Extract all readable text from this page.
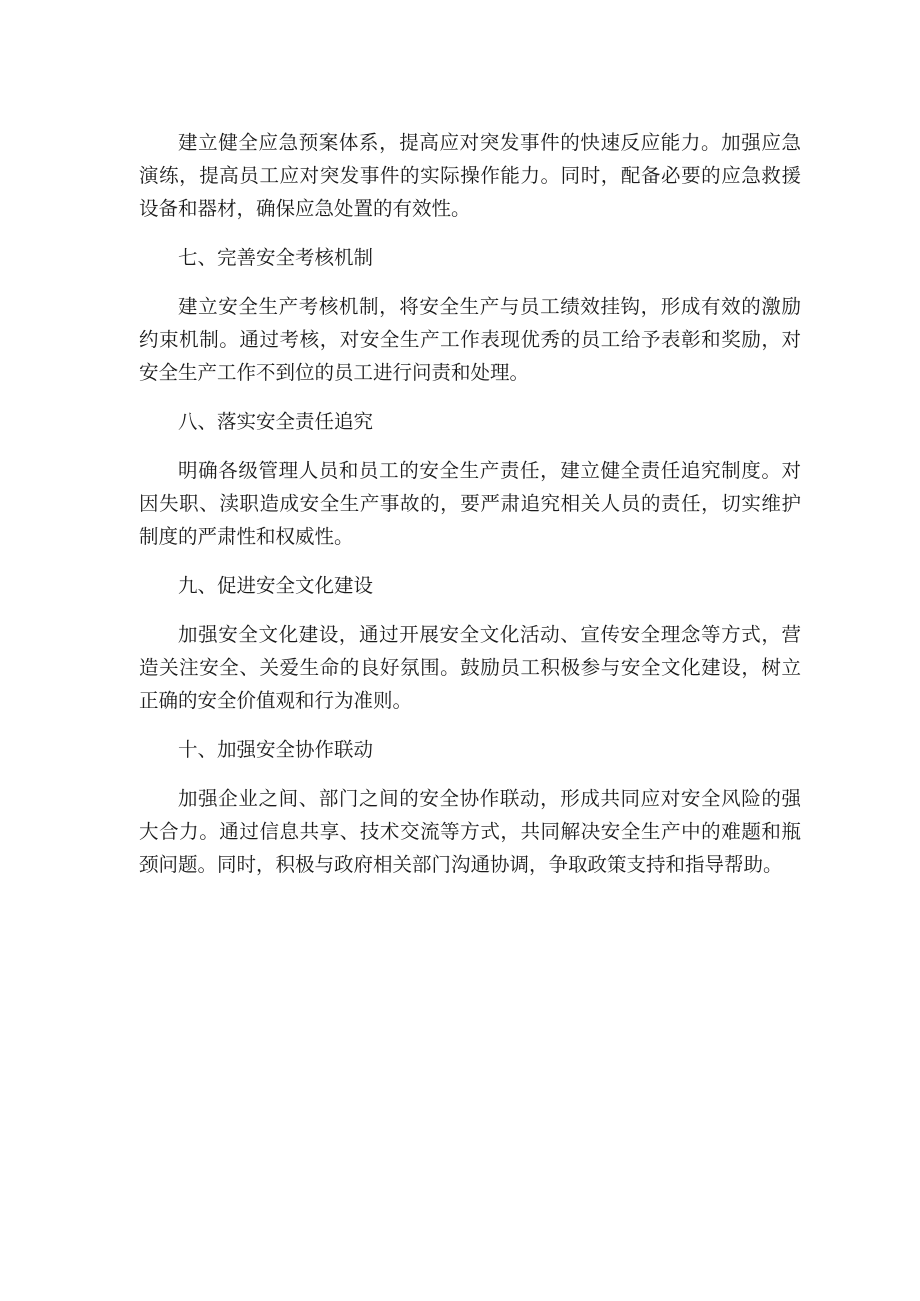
建立健全应急预案体系，提高应对突发事件的快速反应能力。加强应急演练，提高员工应对突发事件的实际操作能力。同时，配备必要的应急救援设备和器材，确保应急处置的有效性。

七、完善安全考核机制

建立安全生产考核机制，将安全生产与员工绩效挂钩，形成有效的激励约束机制。通过考核，对安全生产工作表现优秀的员工给予表彰和奖励，对安全生产工作不到位的员工进行问责和处理。

八、落实安全责任追究

明确各级管理人员和员工的安全生产责任，建立健全责任追究制度。对因失职、渎职造成安全生产事故的，要严肃追究相关人员的责任，切实维护制度的严肃性和权威性。

九、促进安全文化建设

加强安全文化建设，通过开展安全文化活动、宣传安全理念等方式，营造关注安全、关爱生命的良好氛围。鼓励员工积极参与安全文化建设，树立正确的安全价值观和行为准则。

十、加强安全协作联动

加强企业之间、部门之间的安全协作联动，形成共同应对安全风险的强大合力。通过信息共享、技术交流等方式，共同解决安全生产中的难题和瓶颈问题。同时，积极与政府相关部门沟通协调，争取政策支持和指导帮助。
